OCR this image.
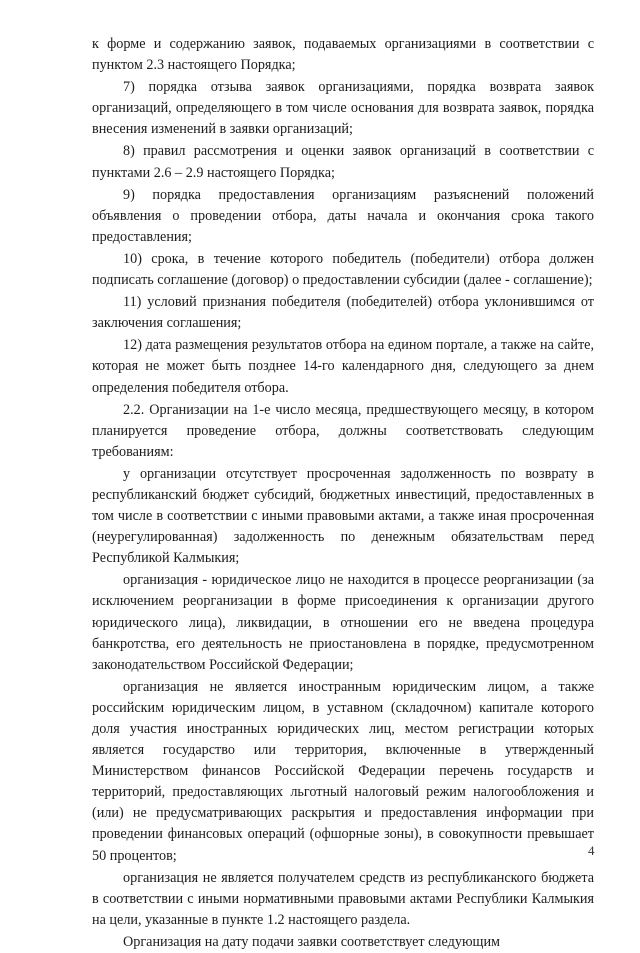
к форме и содержанию заявок, подаваемых организациями в соответствии с пунктом 2.3 настоящего Порядка;

7) порядка отзыва заявок организациями, порядка возврата заявок организаций, определяющего в том числе основания для возврата заявок, порядка внесения изменений в заявки организаций;

8) правил рассмотрения и оценки заявок организаций в соответствии с пунктами 2.6 – 2.9 настоящего Порядка;

9) порядка предоставления организациям разъяснений положений объявления о проведении отбора, даты начала и окончания срока такого предоставления;

10) срока, в течение которого победитель (победители) отбора должен подписать соглашение (договор) о предоставлении субсидии (далее - соглашение);

11) условий признания победителя (победителей) отбора уклонившимся от заключения соглашения;

12) дата размещения результатов отбора на едином портале, а также на сайте, которая не может быть позднее 14-го календарного дня, следующего за днем определения победителя отбора.

2.2. Организации на 1-е число месяца, предшествующего месяцу, в котором планируется проведение отбора, должны соответствовать следующим требованиям:

у организации отсутствует просроченная задолженность по возврату в республиканский бюджет субсидий, бюджетных инвестиций, предоставленных в том числе в соответствии с иными правовыми актами, а также иная просроченная (неурегулированная) задолженность по денежным обязательствам перед Республикой Калмыкия;

организация - юридическое лицо не находится в процессе реорганизации (за исключением реорганизации в форме присоединения к организации другого юридического лица), ликвидации, в отношении его не введена процедура банкротства, его деятельность не приостановлена в порядке, предусмотренном законодательством Российской Федерации;

организация не является иностранным юридическим лицом, а также российским юридическим лицом, в уставном (складочном) капитале которого доля участия иностранных юридических лиц, местом регистрации которых является государство или территория, включенные в утвержденный Министерством финансов Российской Федерации перечень государств и территорий, предоставляющих льготный налоговый режим налогообложения и (или) не предусматривающих раскрытия и предоставления информации при проведении финансовых операций (офшорные зоны), в совокупности превышает 50 процентов;

организация не является получателем средств из республиканского бюджета в соответствии с иными нормативными правовыми актами Республики Калмыкия на цели, указанные в пункте 1.2 настоящего раздела.

Организация на дату подачи заявки соответствует следующим

4
